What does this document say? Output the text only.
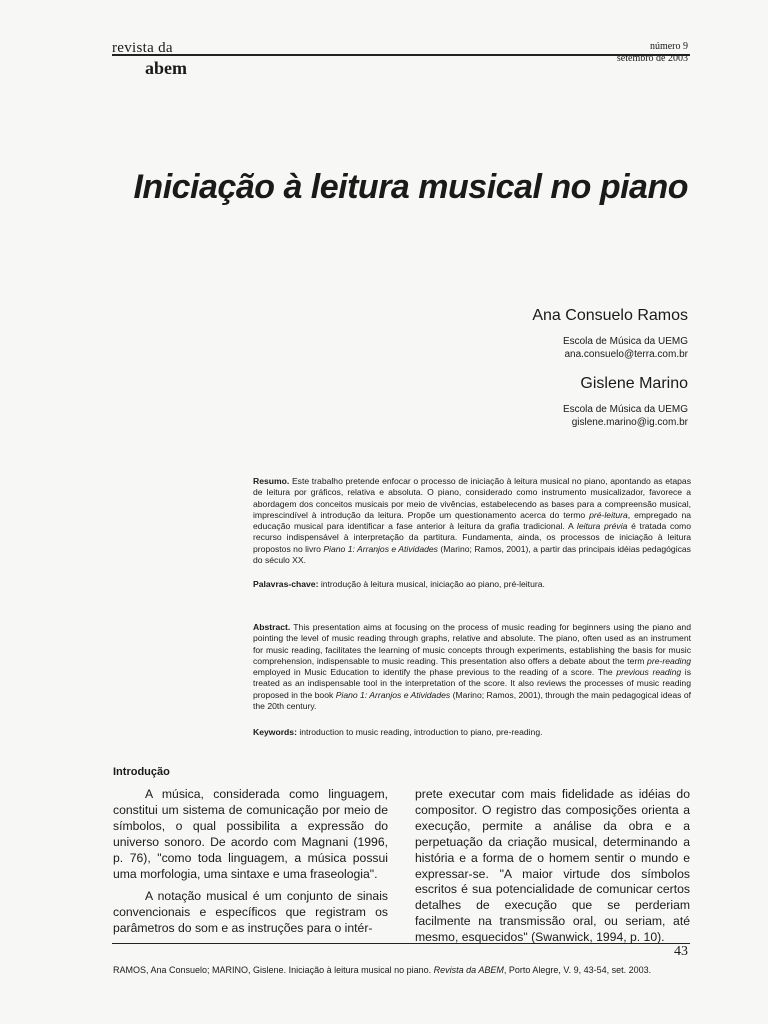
revista da
abem
número 9
setembro de 2003
Iniciação à leitura musical no piano
Ana Consuelo Ramos
Escola de Música da UEMG
ana.consuelo@terra.com.br
Gislene Marino
Escola de Música da UEMG
gislene.marino@ig.com.br
Resumo. Este trabalho pretende enfocar o processo de iniciação à leitura musical no piano, apontando as etapas de leitura por gráficos, relativa e absoluta. O piano, considerado como instrumento musicalizador, favorece a abordagem dos conceitos musicais por meio de vivências, estabelecendo as bases para a compreensão musical, imprescindível à introdução da leitura. Propõe um questionamento acerca do termo pré-leitura, empregado na educação musical para identificar a fase anterior à leitura da grafia tradicional. A leitura prévia é tratada como recurso indispensável à interpretação da partitura. Fundamenta, ainda, os processos de iniciação à leitura propostos no livro Piano 1: Arranjos e Atividades (Marino; Ramos, 2001), a partir das principais idéias pedagógicas do século XX.
Palavras-chave: introdução à leitura musical, iniciação ao piano, pré-leitura.
Abstract. This presentation aims at focusing on the process of music reading for beginners using the piano and pointing the level of music reading through graphs, relative and absolute. The piano, often used as an instrument for music reading, facilitates the learning of music concepts through experiments, establishing the basis for music comprehension, indispensable to music reading. This presentation also offers a debate about the term pre-reading employed in Music Education to identify the phase previous to the reading of a score. The previous reading is treated as an indispensable tool in the interpretation of the score. It also reviews the processes of music reading proposed in the book Piano 1: Arranjos e Atividades (Marino; Ramos, 2001), through the main pedagogical ideas of the 20th century.
Keywords: introduction to music reading, introduction to piano, pre-reading.
Introdução

A música, considerada como linguagem, constitui um sistema de comunicação por meio de símbolos, o qual possibilita a expressão do universo sonoro. De acordo com Magnani (1996, p. 76), "como toda linguagem, a música possui uma morfologia, uma sintaxe e uma fraseologia".

A notação musical é um conjunto de sinais convencionais e específicos que registram os parâmetros do som e as instruções para o intér-

prete executar com mais fidelidade as idéias do compositor. O registro das composições orienta a execução, permite a análise da obra e a perpetuação da criação musical, determinando a história e a forma de o homem sentir o mundo e expressar-se. "A maior virtude dos símbolos escritos é sua potencialidade de comunicar certos detalhes de execução que se perderiam facilmente na transmissão oral, ou seriam, até mesmo, esquecidos" (Swanwick, 1994, p. 10).

43
RAMOS, Ana Consuelo; MARINO, Gislene. Iniciação à leitura musical no piano. Revista da ABEM, Porto Alegre, V. 9, 43-54, set. 2003.
